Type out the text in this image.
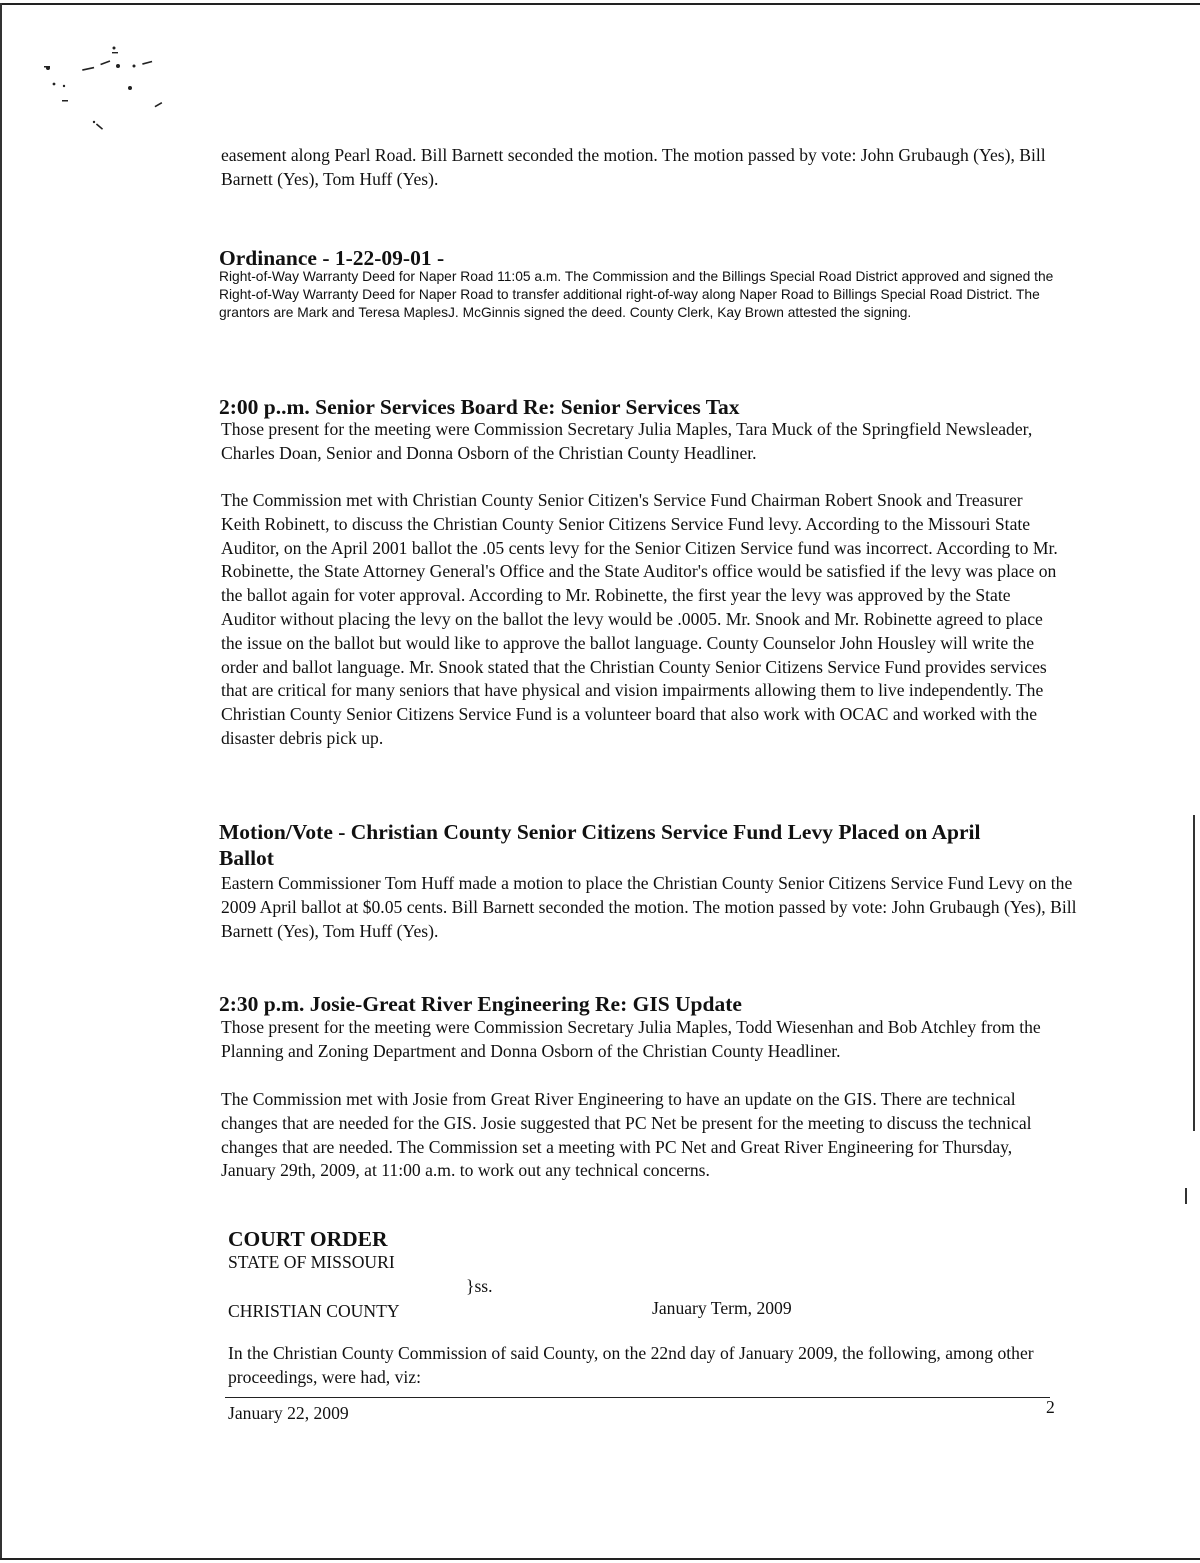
easement along Pearl Road. Bill Barnett seconded the motion. The motion passed by vote: John Grubaugh (Yes), Bill Barnett (Yes), Tom Huff (Yes).

Ordinance - 1-22-09-01 -

Right-of-Way Warranty Deed for Naper Road 11:05 a.m. The Commission and the Billings Special Road District approved and signed the Right-of-Way Warranty Deed for Naper Road to transfer additional right-of-way along Naper Road to Billings Special Road District. The grantors are Mark and Teresa MaplesJ. McGinnis signed the deed. County Clerk, Kay Brown attested the signing.

2:00 p..m. Senior Services Board Re: Senior Services Tax

Those present for the meeting were Commission Secretary Julia Maples, Tara Muck of the Springfield Newsleader, Charles Doan, Senior and Donna Osborn of the Christian County Headliner.

The Commission met with Christian County Senior Citizen's Service Fund Chairman Robert Snook and Treasurer Keith Robinett, to discuss the Christian County Senior Citizens Service Fund levy. According to the Missouri State Auditor, on the April 2001 ballot the .05 cents levy for the Senior Citizen Service fund was incorrect. According to Mr. Robinette, the State Attorney General's Office and the State Auditor's office would be satisfied if the levy was place on the ballot again for voter approval. According to Mr. Robinette, the first year the levy was approved by the State Auditor without placing the levy on the ballot the levy would be .0005. Mr. Snook and Mr. Robinette agreed to place the issue on the ballot but would like to approve the ballot language. County Counselor John Housley will write the order and ballot language. Mr. Snook stated that the Christian County Senior Citizens Service Fund provides services that are critical for many seniors that have physical and vision impairments allowing them to live independently. The Christian County Senior Citizens Service Fund is a volunteer board that also work with OCAC and worked with the disaster debris pick up.

Motion/Vote - Christian County Senior Citizens Service Fund Levy Placed on April
Ballot

Eastern Commissioner Tom Huff made a motion to place the Christian County Senior Citizens Service Fund Levy on the 2009 April ballot at $0.05 cents. Bill Barnett seconded the motion. The motion passed by vote: John Grubaugh (Yes), Bill Barnett (Yes), Tom Huff (Yes).

2:30 p.m. Josie-Great River Engineering Re: GIS Update

Those present for the meeting were Commission Secretary Julia Maples, Todd Wiesenhan and Bob Atchley from the Planning and Zoning Department and Donna Osborn of the Christian County Headliner.

The Commission met with Josie from Great River Engineering to have an update on the GIS. There are technical changes that are needed for the GIS. Josie suggested that PC Net be present for the meeting to discuss the technical changes that are needed. The Commission set a meeting with PC Net and Great River Engineering for Thursday, January 29th, 2009, at 11:00 a.m. to work out any technical concerns.

COURT ORDER

STATE OF MISSOURI

}ss.

CHRISTIAN COUNTY	January Term, 2009

In the Christian County Commission of said County, on the 22nd day of January 2009, the following, among other proceedings, were had, viz:

January 22, 2009	2
